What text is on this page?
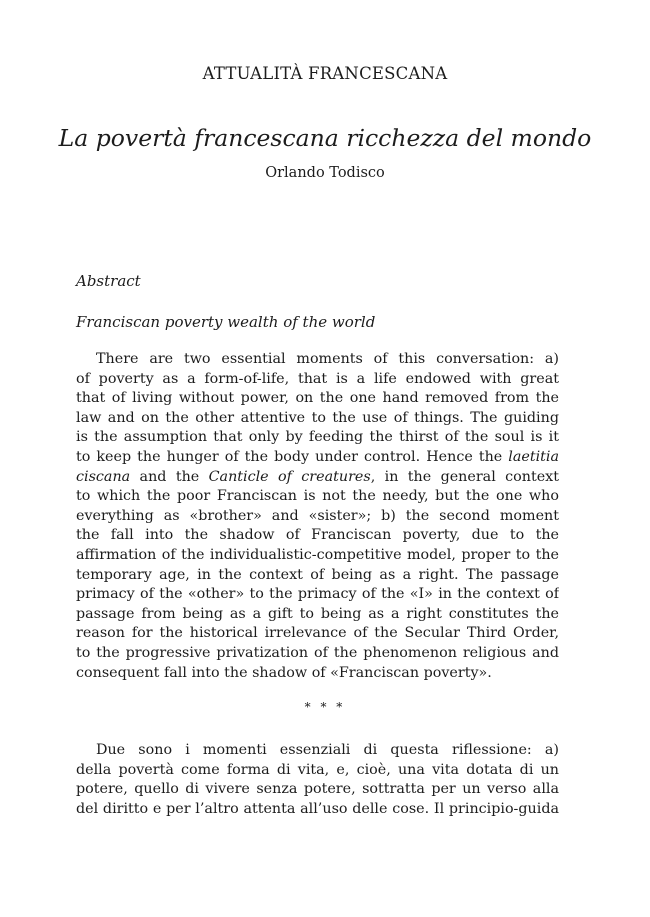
ATTUALITÀ FRANCESCANA
La povertà francescana ricchezza del mondo
Orlando Todisco
Abstract
Franciscan poverty wealth of the world
There are two essential moments of this conversation: a)
of poverty as a form-of-life, that is a life endowed with great
that of living without power, on the one hand removed from the
law and on the other attentive to the use of things. The guiding
is the assumption that only by feeding the thirst of the soul is it
to keep the hunger of the body under control. Hence the laetitia
ciscana and the Canticle of creatures, in the general context
to which the poor Franciscan is not the needy, but the one who
everything as «brother» and «sister»; b) the second moment
the fall into the shadow of Franciscan poverty, due to the
affirmation of the individualistic-competitive model, proper to the
temporary age, in the context of being as a right. The passage
primacy of the «other» to the primacy of the «I» in the context of
passage from being as a gift to being as a right constitutes the
reason for the historical irrelevance of the Secular Third Order,
to the progressive privatization of the phenomenon religious and
consequent fall into the shadow of «Franciscan poverty».
* * *
Due sono i momenti essenziali di questa riflessione: a)
della povertà come forma di vita, e, cioè, una vita dotata di un
potere, quello di vivere senza potere, sottratta per un verso alla
del diritto e per l’altro attenta all’uso delle cose. Il principio-guida
